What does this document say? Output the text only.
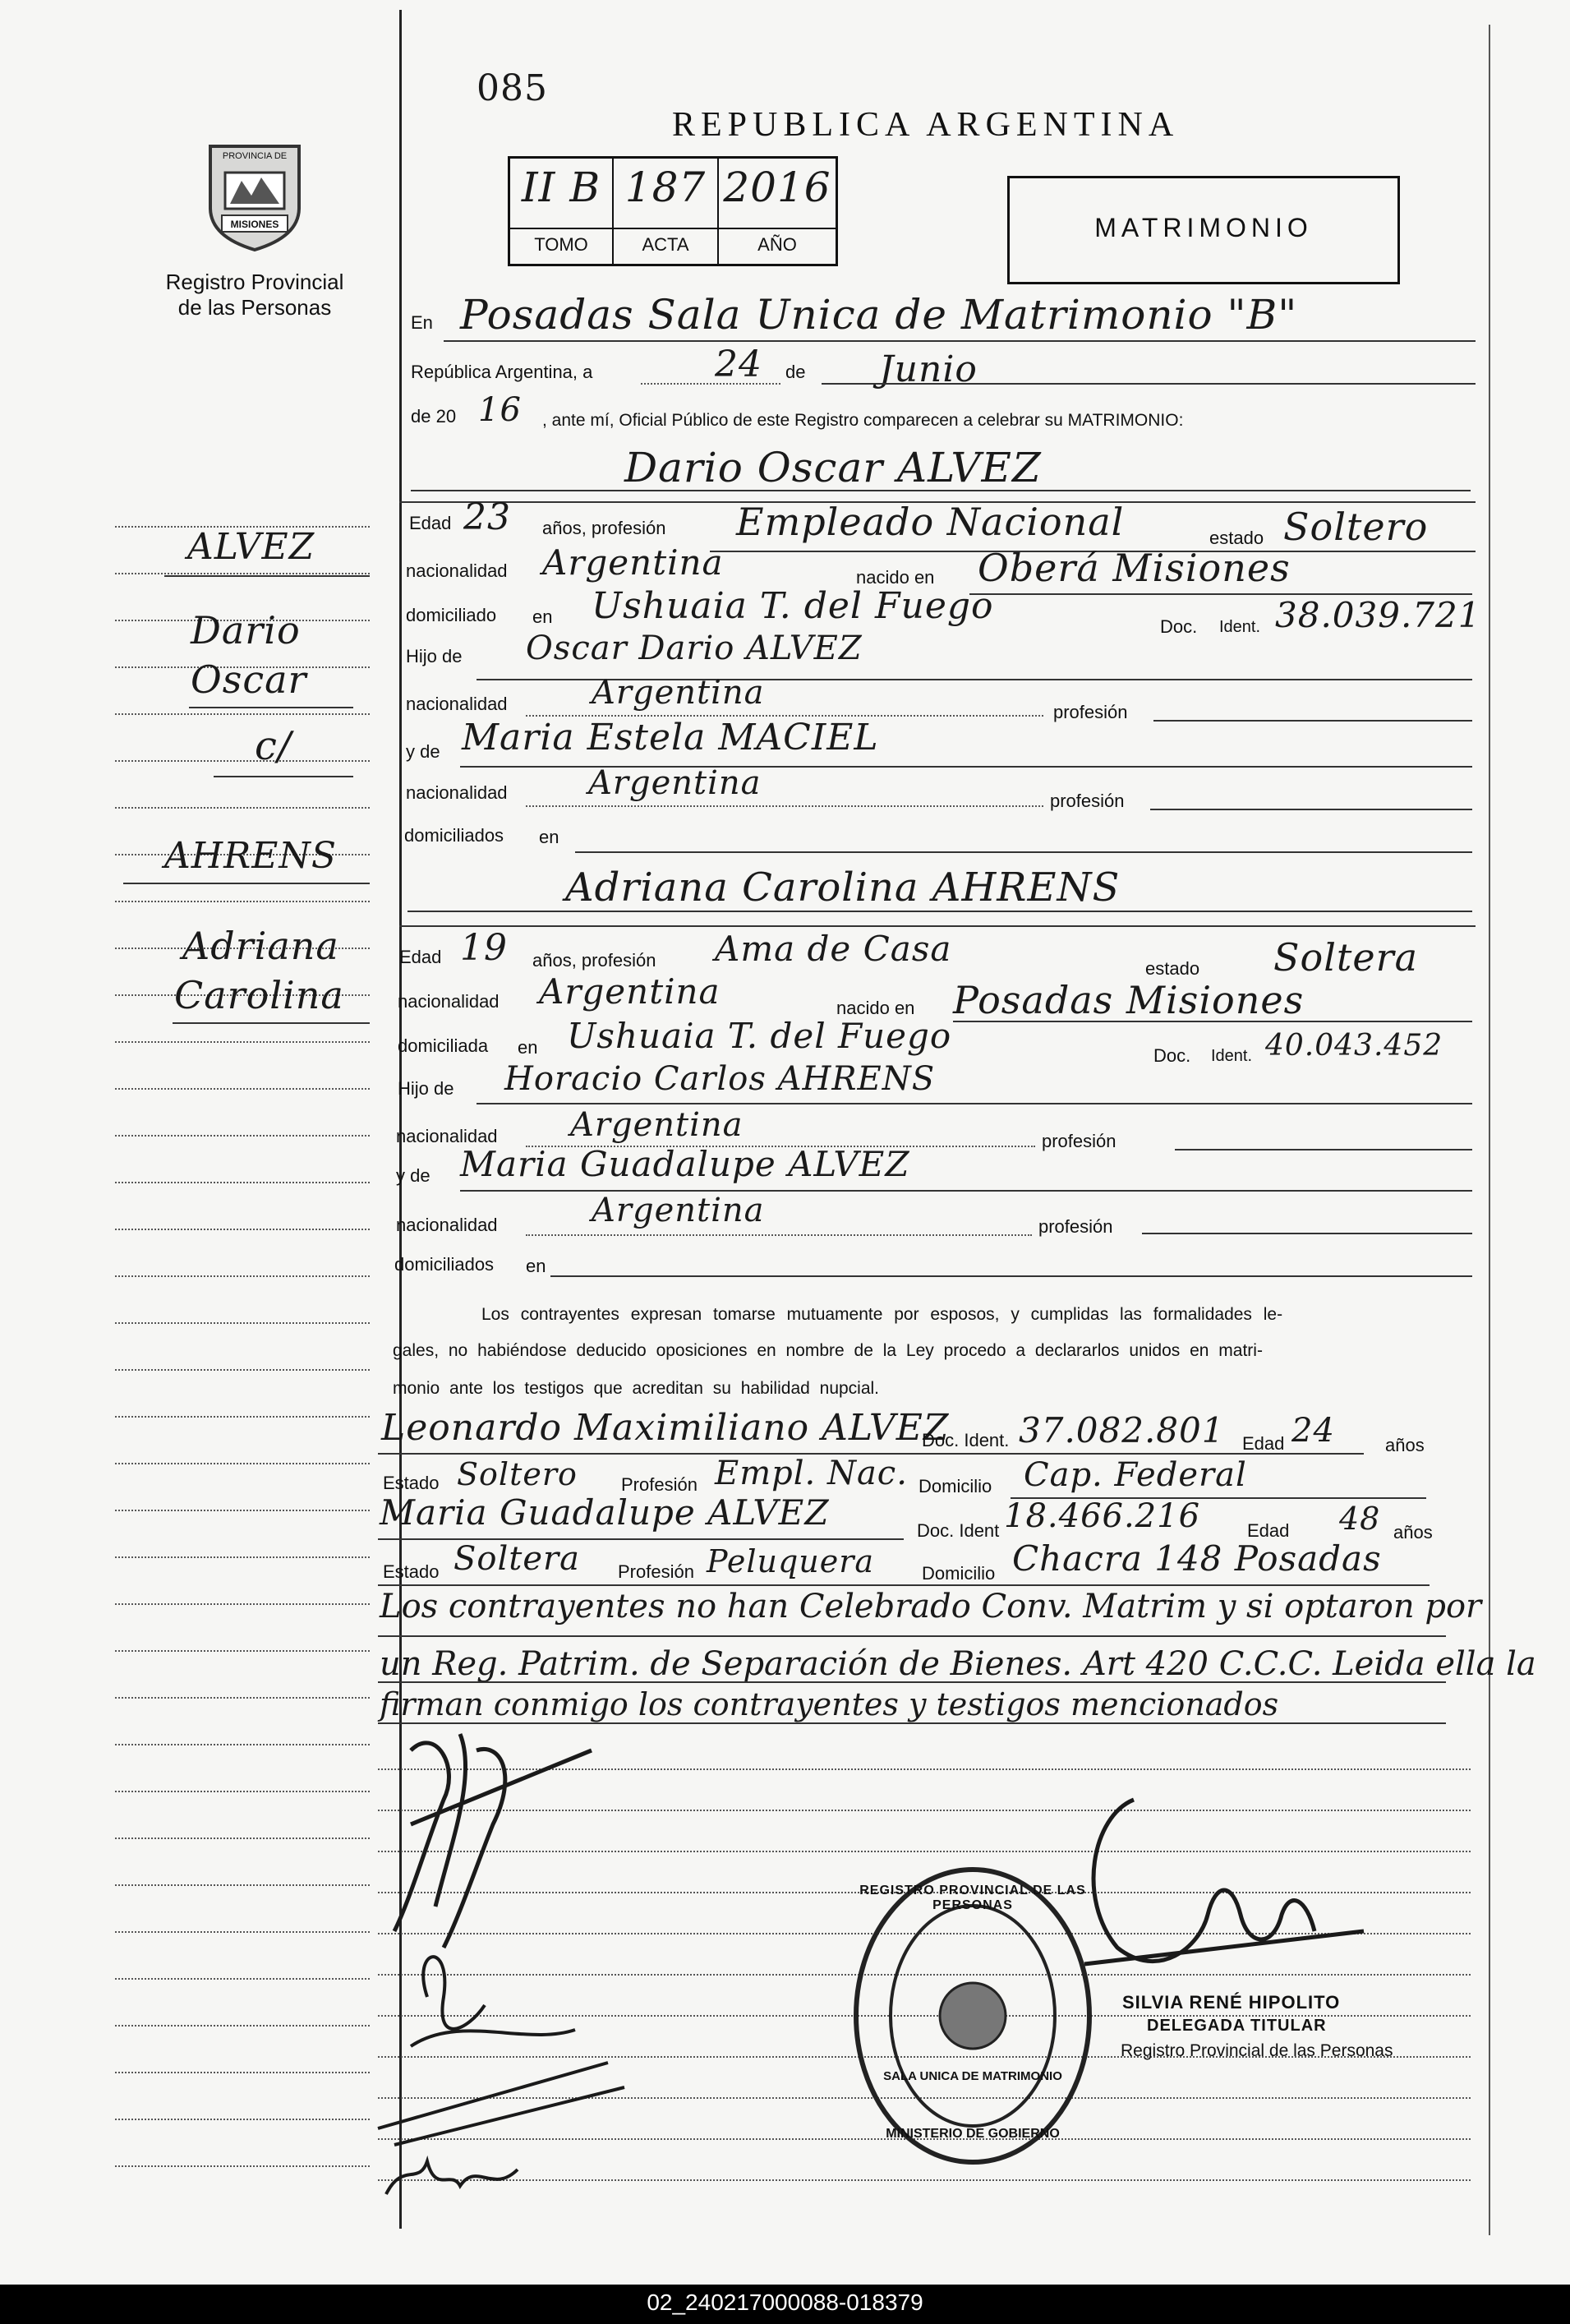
PROVINCIA DE
MISIONES
Registro Provincial
de las Personas
085
REPUBLICA ARGENTINA
II B 187 2016
TOMO	ACTA	AÑO
MATRIMONIO
ALVEZ
Dario
Oscar
c/
AHRENS
Adriana
Carolina
En Posadas Sala Unica de Matrimonio "B"
República Argentina, a	24 de Junio
de 20 16 , ante mí, Oficial Público de este Registro comparecen a celebrar su MATRIMONIO:
Dario Oscar ALVEZ
Edad 23 años, profesión Empleado Nacional	estado Soltero
nacionalidad Argentina	nacido en Oberá Misiones
domiciliado en Ushuaia T. del Fuego	Doc. Ident. 38.039.721
Hijo de Oscar Dario ALVEZ
nacionalidad	Argentina
profesión
y de Maria Estela MACIEL
nacionalidad Argentina	profesión
domiciliados en
Adriana Carolina AHRENS
Edad 19 años, profesión Ama de Casa	estado Soltera
nacionalidad Argentina	nacido en Posadas Misiones
domiciliada en Ushuaia T. del Fuego	Doc. Ident. 40.043.452
Hijo de Horacio Carlos AHRENS
nacionalidad Argentina	profesión
y de Maria Guadalupe ALVEZ
nacionalidad	Argentina	profesión
domiciliados en
Los contrayentes expresan tomarse mutuamente por esposos, y cumplidas las formalidades le-
gales, no habiéndose deducido oposiciones en nombre de la Ley procedo a declararlos unidos en matri-
monio ante los testigos que acreditan su habilidad nupcial.
Leonardo Maximiliano ALVEZ
Doc. Ident. 37.082.801 Edad 24	años
Estado Soltero Profesión Empl. Nac. Domicilio Cap. Federal
Maria Guadalupe ALVEZ	Doc. Ident 18.466.216	Edad 48 años
Estado Soltera Profesión Peluquera	Domicilio Chacra 148 Posadas
Los contrayentes no han Celebrado Conv. Matrim y si optaron por
un Reg. Patrim. de Separación de Bienes. Art 420 C.C.C. Leida ella la
firman conmigo los contrayentes y testigos mencionados
REGISTRO PROVINCIAL DE LAS PERSONAS
SALA UNICA DE MATRIMONIO
MINISTERIO DE GOBIERNO
SILVIA RENÉ HIPOLITO
DELEGADA TITULAR
Registro Provincial de las Personas
02_240217000088-018379
